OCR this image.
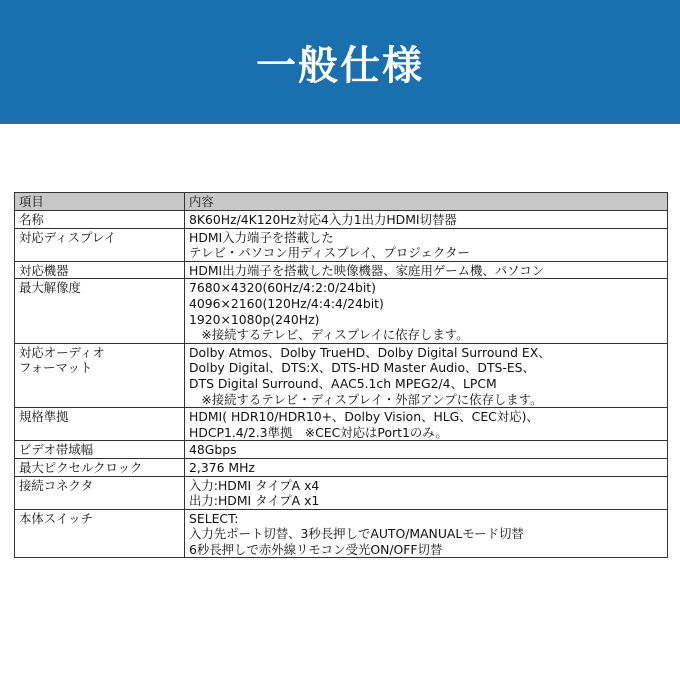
一般仕様
項目	内容
名称	8K60Hz/4K120Hz対応4入力1出力HDMI切替器

対応ディスプレイ	HDMI入力端子を搭載した
テレビ・パソコン用ディスプレイ、プロジェクター

対応機器	HDMI出力端子を搭載した映像機器、家庭用ゲーム機、パソコン

最大解像度	7680×4320(60Hz/4:2:0/24bit)
4096×2160(120Hz/4:4:4/24bit)
1920×1080p(240Hz)
　※接続するテレビ、ディスプレイに依存します。

対応オーディオ
フォーマット	Dolby Atmos、Dolby TrueHD、Dolby Digital Surround EX、
Dolby Digital、DTS:X、DTS-HD Master Audio、DTS-ES、
DTS Digital Surround、AAC5.1ch MPEG2/4、LPCM
　※接続するテレビ・ディスプレイ・外部アンプに依存します。

規格準拠	HDMI( HDR10/HDR10+、Dolby Vision、HLG、CEC対応)、
HDCP1.4/2.3準拠　※CEC対応はPort1のみ。

ビデオ帯域幅	48Gbps

最大ピクセルクロック	2,376 MHz

接続コネクタ	入力:HDMI タイプA x4
出力:HDMI タイプA x1

本体スイッチ	SELECT:
入力先ポート切替、3秒長押しでAUTO/MANUALモード切替
6秒長押しで赤外線リモコン受光ON/OFF切替
